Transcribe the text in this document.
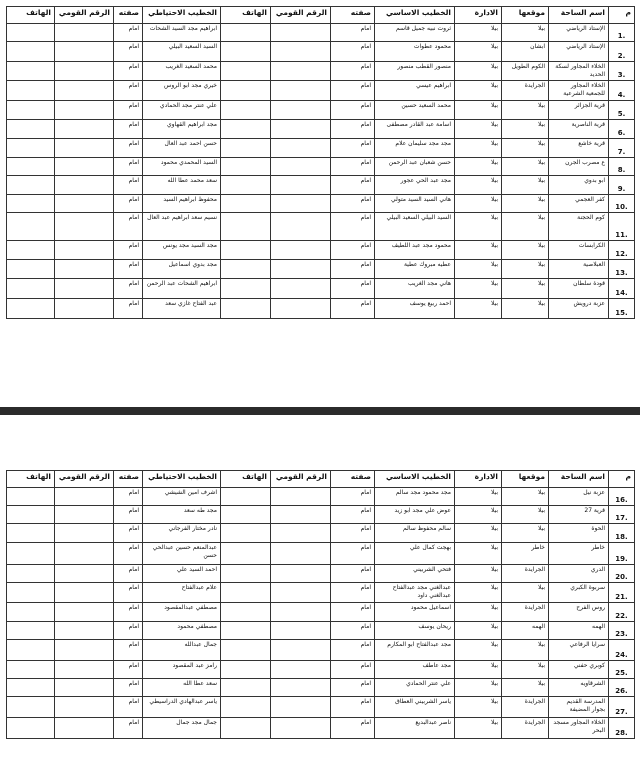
م	اسم الساحة	موقعها	الادارة	الخطيب الاساسي	صفته	الرقم القومي	الهاتف	الخطيب الاحتياطي	صفته	الرقم القومي	الهاتف
.1	الإستاد الرياضي	بيلا	بيلا	ثروت نبيه جميل قاسم	امام			ابراهيم مجد السيد الشحات	امام		
.2	الإستاد الرياضي	ابشان	بيلا	محمود عطوات	امام			السيد السعيد البيلي	امام		
.3	الخلاء المجاور لسكة الحديد	الكوم الطويل	بيلا	منصور القطب منصور	امام			محمد السعيد الغريب	امام		
.4	الخلاء المجاور للجمعية الشرعية	الجرايدة	بيلا	ابراهيم عيسي	امام			خيري مجد ابو الروس	امام		
.5	قرية الجزائر	بيلا	بيلا	محمد السعيد حسين	امام			علي عنتر مجد الحمادي	امام		
.6	قرية الناصرية	بيلا	بيلا	اسامة عبد القادر مصطفى	امام			مجد ابراهيم القهاوي	امام		
.7	قرية خاشع	بيلا	بيلا	مجد مجد سليمان علام	امام			حسن احمد عبد العال	امام		
.8	ع مصرب الجرن	بيلا	بيلا	حسن شعبان عبد الرحمن	امام			السيد المحمدي محمود	امام		
.9	ابو بدوي	بيلا	بيلا	مجد عبد الحي عجور	امام			سعد محمد عطا الله	امام		
.10	كفر العجمي	بيلا	بيلا	هاني السيد السيد متولي	امام			محفوظ ابراهيم السيد	امام		
.11	كوم الحجنة	بيلا	بيلا	السيد البيلي السعيد البيلي	امام			نسيم سعد ابراهيم عبد العال	امام		
.12	الكرابسات	بيلا	بيلا	محمود مجد عبد اللطيف	امام			مجد السيد مجد يونس	امام		
.13	العبلاصية	بيلا	بيلا	عطيه مبروك عطية	امام			مجد بدوي اسماعيل	امام		
.14	قودة سلطان	بيلا	بيلا	هاني مجد الغريب	امام			ابراهيم الشحات عبد الرحمن	امام		
.15	عزبة درويش	بيلا	بيلا	احمد ربيع يوسف	امام			عبد الفتاح غازي سعد	امام		
م	اسم الساحة	موقعها	الادارة	الخطيب الاساسي	صفته	الرقم القومي	الهاتف	الخطيب الاحتياطي	صفته	الرقم القومي	الهاتف
.16	عزبة نيل	بيلا	بيلا	مجد محمود مجد سالم	امام			اشرف امين الشيشي	امام		
.17	قرية 27	بيلا	بيلا	عوض علي مجد ابو زيد	امام			مجد طه سعد	امام		
.18	الحوة	بيلا	بيلا	سالم محفوظ سالم	امام			نادر مختار الفرجاني	امام		
.19	خاطر	خاطر	بيلا	بهجت كمال علي	امام			عبدالمنعم حسين عبدالحي حسن	امام		
.20	الدري	الجرايدة	بيلا	فتحي الشربيني	امام			احمد السيد علي	امام		
.21	سربوة الكبري	بيلا	بيلا	عبدالغني مجد عبدالفتاح عبدالغني داود	امام			علام عبدالفتاح	امام		
.22	روس الفرح	الجرايدة	بيلا	اسماعيل محمود	امام			مصطفي عبدالمقصود	امام		
.23	الهمه	الهمه	بيلا	ريحان يوسف	امام			مصطفي محمود	امام		
.24	سرايا الرفاعي	بيلا	بيلا	مجد عبدالفتاح ابو المكارم	امام			جمال عبدالله	امام		
.25	كوبري حفني	بيلا	بيلا	مجد عاطف	امام			رامز عبد المقصود	امام		
.26	الشرقاويه	بيلا	بيلا	علي عنتر الحمادي	امام			سعد عطا الله	امام		
.27	المدرسة القديم بجوار المضيفة	الجرايدة	بيلا	ياسر الشربيني العطاق	امام			ياسر عبدالهادي الدراسيطي	امام		
.28	الخلاء المجاور مسجد البحر	الجرايدة	بيلا	ناصر عبدالبديع	امام			جمال مجد جمال	امام		
